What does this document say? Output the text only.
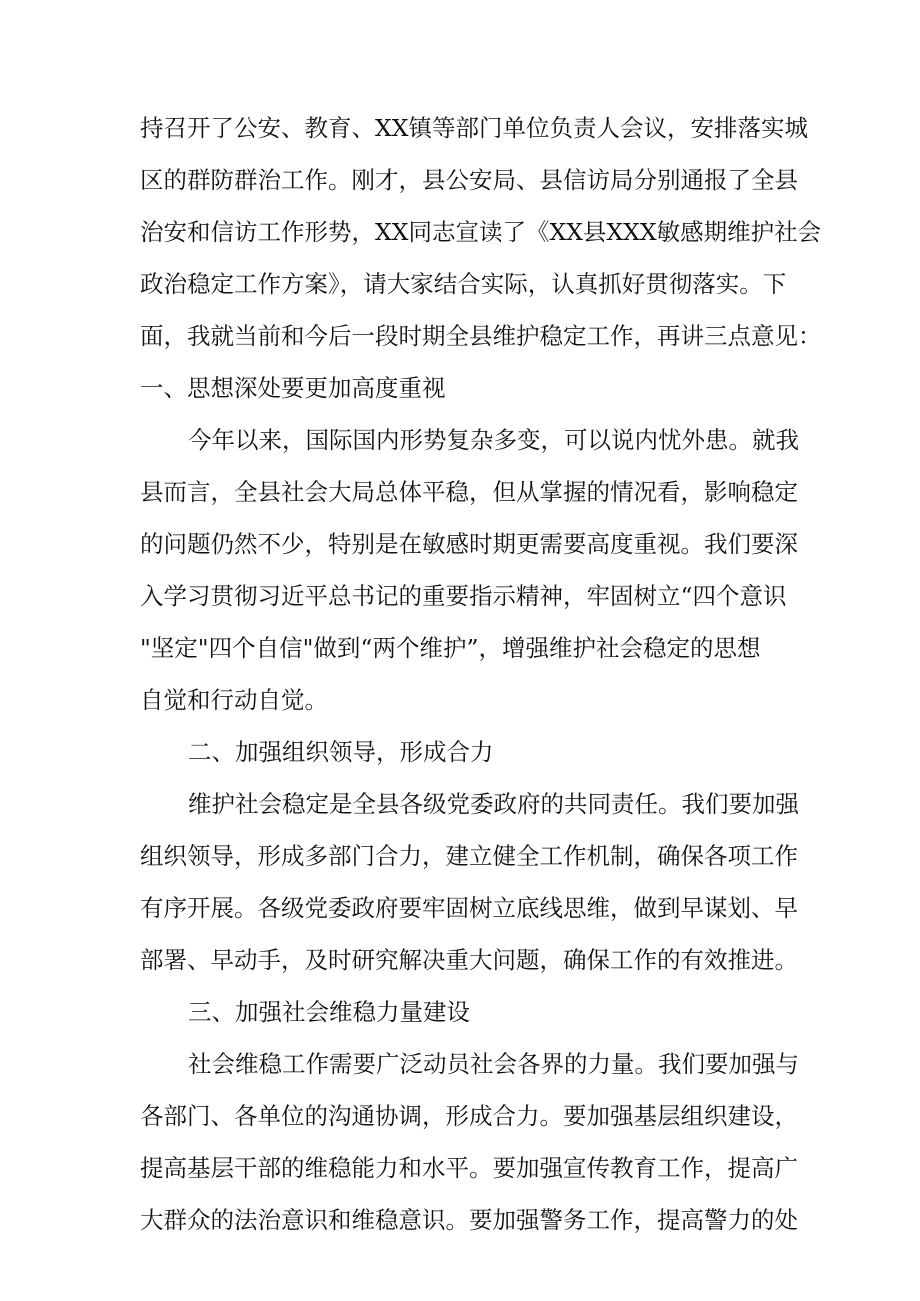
持召开了公安、教育、XX镇等部门单位负责人会议，安排落实城
区的群防群治工作。刚才，县公安局、县信访局分别通报了全县
治安和信访工作形势，XX同志宣读了《XX县XXX敏感期维护社会
政治稳定工作方案》，请大家结合实际，认真抓好贯彻落实。下
面，我就当前和今后一段时期全县维护稳定工作，再讲三点意见：
一、思想深处要更加高度重视
今年以来，国际国内形势复杂多变，可以说内忧外患。就我
县而言，全县社会大局总体平稳，但从掌握的情况看，影响稳定
的问题仍然不少，特别是在敏感时期更需要高度重视。我们要深
入学习贯彻习近平总书记的重要指示精神，牢固树立“四个意识
"坚定"四个自信"做到“两个维护”，增强维护社会稳定的思想
自觉和行动自觉。
二、加强组织领导，形成合力
维护社会稳定是全县各级党委政府的共同责任。我们要加强
组织领导，形成多部门合力，建立健全工作机制，确保各项工作
有序开展。各级党委政府要牢固树立底线思维，做到早谋划、早
部署、早动手，及时研究解决重大问题，确保工作的有效推进。
三、加强社会维稳力量建设
社会维稳工作需要广泛动员社会各界的力量。我们要加强与
各部门、各单位的沟通协调，形成合力。要加强基层组织建设，
提高基层干部的维稳能力和水平。要加强宣传教育工作，提高广
大群众的法治意识和维稳意识。要加强警务工作，提高警力的处
